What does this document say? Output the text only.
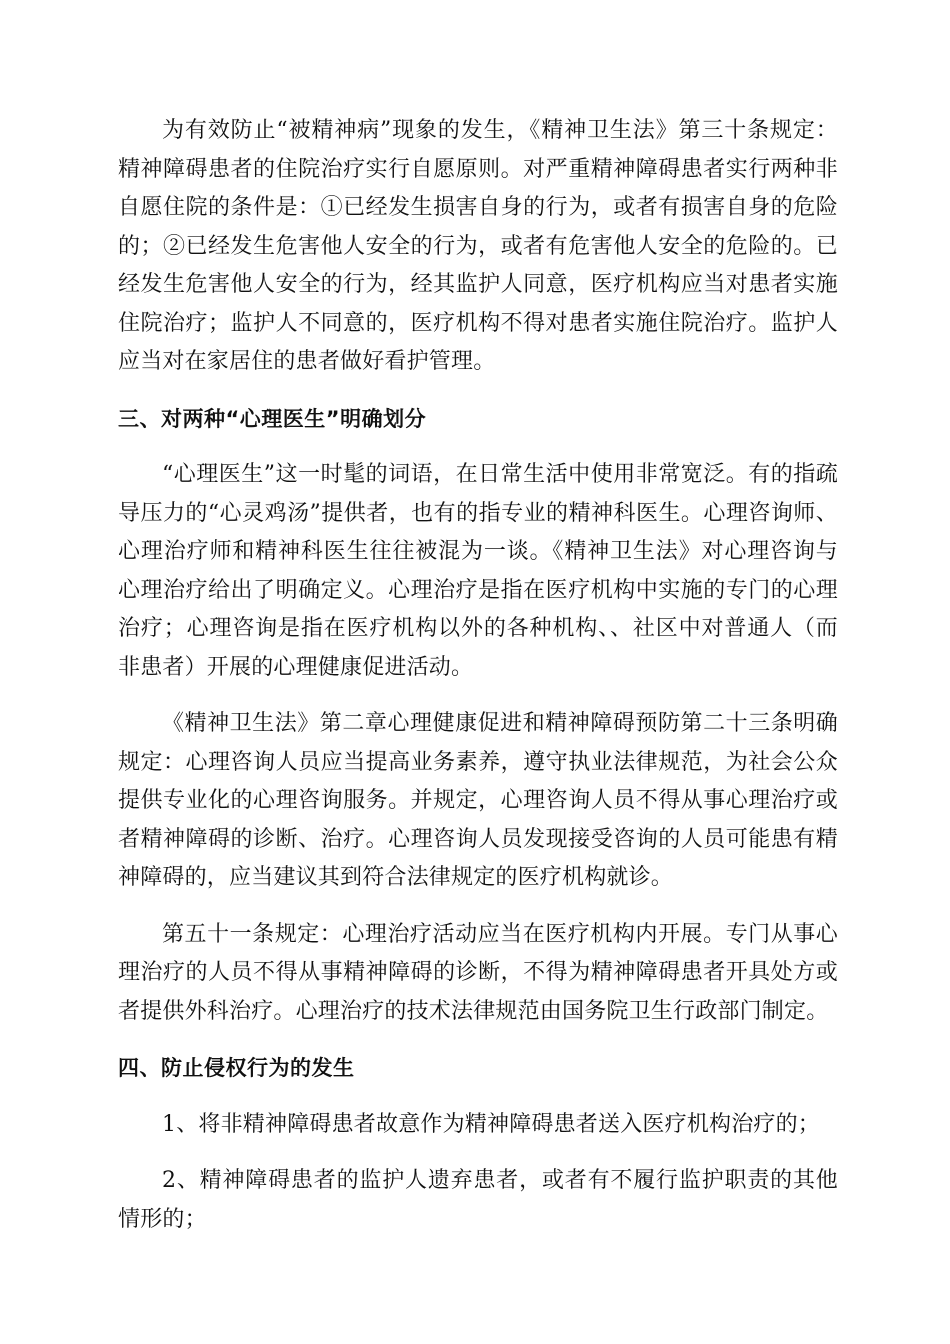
为有效防止“被精神病”现象的发生，《精神卫生法》第三十条规定：精神障碍患者的住院治疗实行自愿原则。对严重精神障碍患者实行两种非自愿住院的条件是：①已经发生损害自身的行为，或者有损害自身的危险的；②已经发生危害他人安全的行为，或者有危害他人安全的危险的。已经发生危害他人安全的行为，经其监护人同意，医疗机构应当对患者实施住院治疗；监护人不同意的，医疗机构不得对患者实施住院治疗。监护人应当对在家居住的患者做好看护管理。

三、对两种“心理医生”明确划分

“心理医生”这一时髦的词语，在日常生活中使用非常宽泛。有的指疏导压力的“心灵鸡汤”提供者，也有的指专业的精神科医生。心理咨询师、心理治疗师和精神科医生往往被混为一谈。《精神卫生法》对心理咨询与心理治疗给出了明确定义。心理治疗是指在医疗机构中实施的专门的心理治疗；心理咨询是指在医疗机构以外的各种机构、、社区中对普通人（而非患者）开展的心理健康促进活动。

《精神卫生法》第二章心理健康促进和精神障碍预防第二十三条明确规定：心理咨询人员应当提高业务素养，遵守执业法律规范，为社会公众提供专业化的心理咨询服务。并规定，心理咨询人员不得从事心理治疗或者精神障碍的诊断、治疗。心理咨询人员发现接受咨询的人员可能患有精神障碍的，应当建议其到符合法律规定的医疗机构就诊。

第五十一条规定：心理治疗活动应当在医疗机构内开展。专门从事心理治疗的人员不得从事精神障碍的诊断，不得为精神障碍患者开具处方或者提供外科治疗。心理治疗的技术法律规范由国务院卫生行政部门制定。

四、防止侵权行为的发生

1、将非精神障碍患者故意作为精神障碍患者送入医疗机构治疗的；

2、精神障碍患者的监护人遗弃患者，或者有不履行监护职责的其他情形的；
